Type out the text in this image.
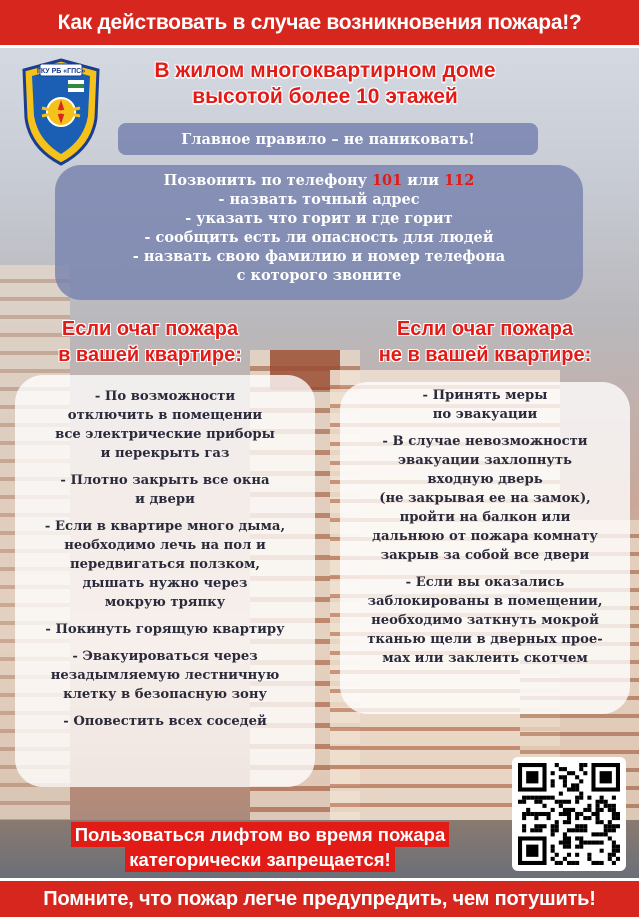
Как действовать в случае возникновения пожара!?
ГКУ РБ «ГПС»	В жилом многоквартирном доме
высотой более 10 этажей
Главное правило – не паниковать!
Позвонить по телефону 101 или 112
- назвать точный адрес
- указать что горит и где горит
- сообщить есть ли опасность для людей
- назвать свою фамилию и номер телефона
с которого звоните
Если очаг пожара
в вашей квартире:
Если очаг пожара
не в вашей квартире:
- По возможности
отключить в помещении
все электрические приборы
и перекрыть газ
- Плотно закрыть все окна
и двери
- Если в квартире много дыма,
необходимо лечь на пол и
передвигаться ползком,
дышать нужно через
мокрую тряпку
- Покинуть горящую квартиру
- Эвакуироваться через
незадымляемую лестничную
клетку в безопасную зону
- Оповестить всех соседей
- Принять меры
по эвакуации
- В случае невозможности
эвакуации захлопнуть
входную дверь
(не закрывая ее на замок),
пройти на балкон или
дальнюю от пожара комнату
закрыв за собой все двери
- Если вы оказались
заблокированы в помещении,
необходимо заткнуть мокрой
тканью щели в дверных прое-
мах или заклеить скотчем
Пользоваться лифтом во время пожара
категорически запрещается!
Помните, что пожар легче предупредить, чем потушить!
